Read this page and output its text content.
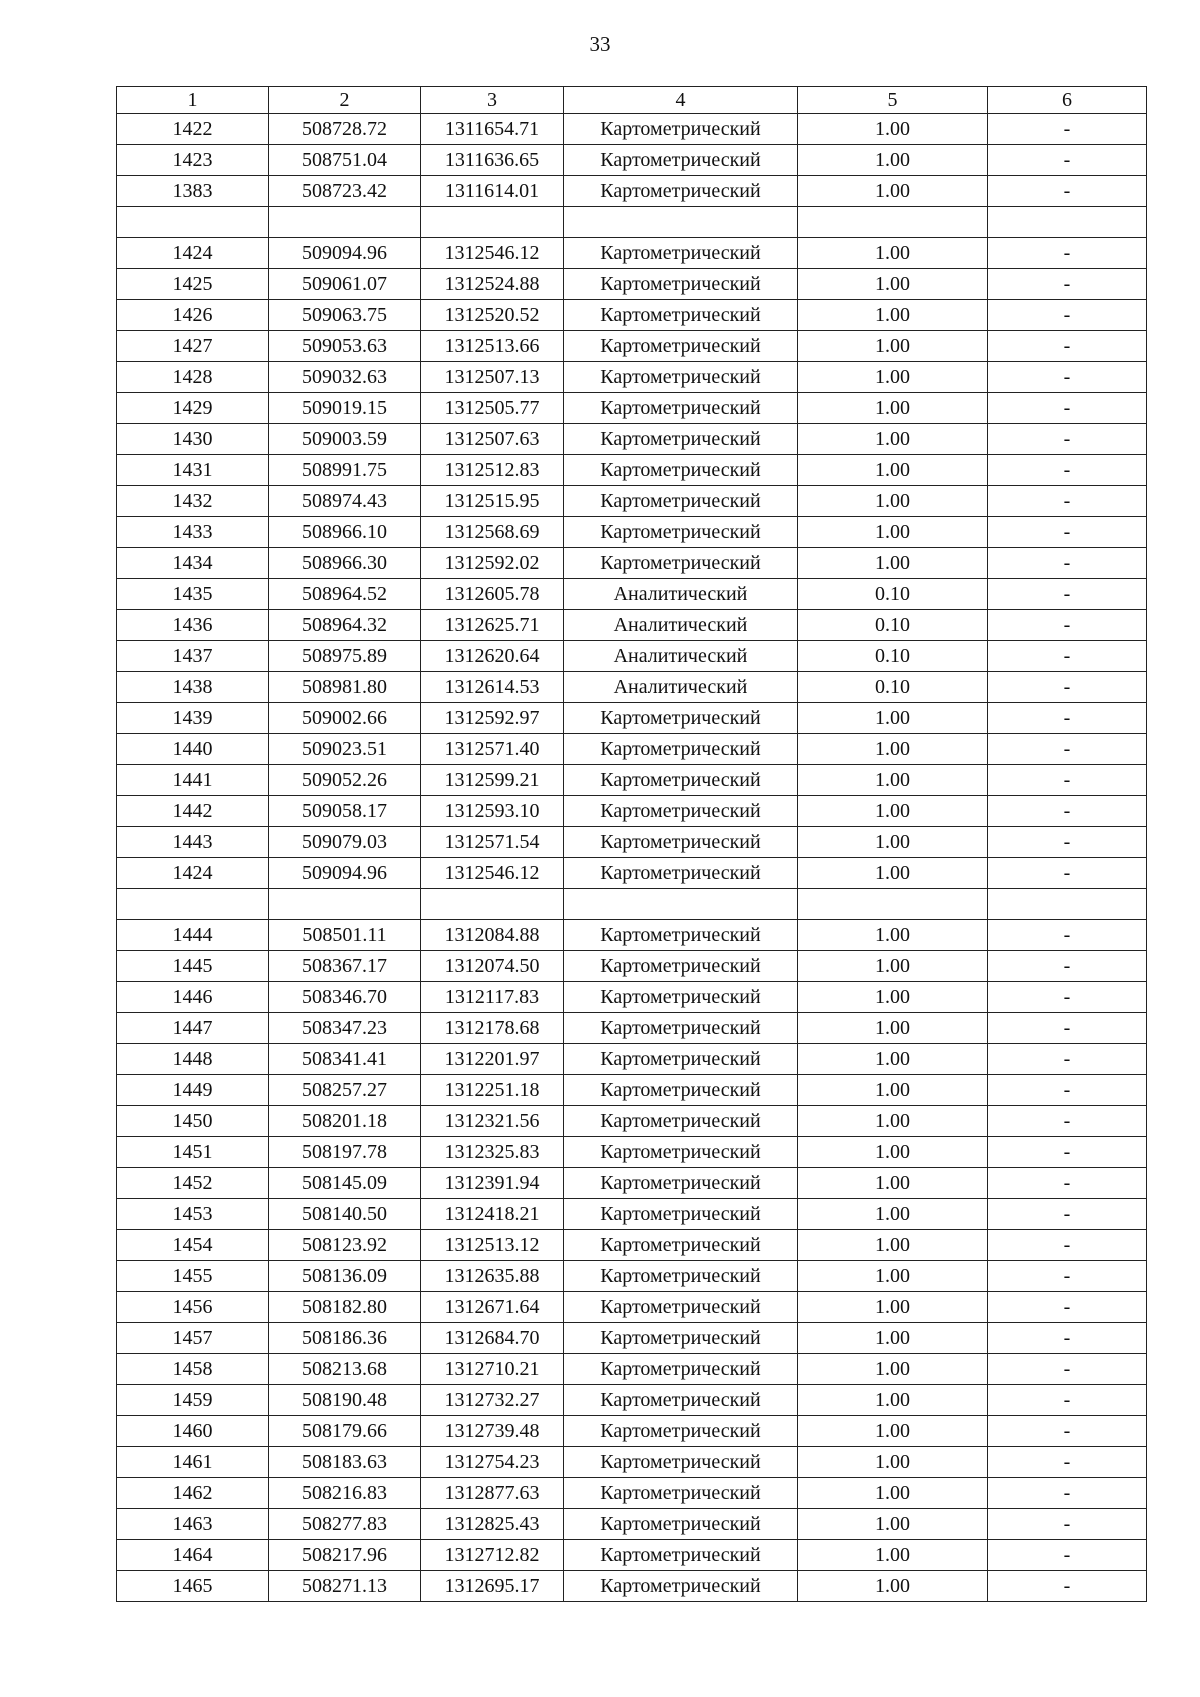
33
1	2	3	4	5	6
1422	508728.72	1311654.71	Картометрический	1.00	-
1423	508751.04	1311636.65	Картометрический	1.00	-
1383	508723.42	1311614.01	Картометрический	1.00	-

1424	509094.96	1312546.12	Картометрический	1.00	-
1425	509061.07	1312524.88	Картометрический	1.00	-
1426	509063.75	1312520.52	Картометрический	1.00	-
1427	509053.63	1312513.66	Картометрический	1.00	-
1428	509032.63	1312507.13	Картометрический	1.00	-
1429	509019.15	1312505.77	Картометрический	1.00	-
1430	509003.59	1312507.63	Картометрический	1.00	-
1431	508991.75	1312512.83	Картометрический	1.00	-
1432	508974.43	1312515.95	Картометрический	1.00	-
1433	508966.10	1312568.69	Картометрический	1.00	-
1434	508966.30	1312592.02	Картометрический	1.00	-
1435	508964.52	1312605.78	Аналитический	0.10	-
1436	508964.32	1312625.71	Аналитический	0.10	-
1437	508975.89	1312620.64	Аналитический	0.10	-
1438	508981.80	1312614.53	Аналитический	0.10	-
1439	509002.66	1312592.97	Картометрический	1.00	-
1440	509023.51	1312571.40	Картометрический	1.00	-
1441	509052.26	1312599.21	Картометрический	1.00	-
1442	509058.17	1312593.10	Картометрический	1.00	-
1443	509079.03	1312571.54	Картометрический	1.00	-
1424	509094.96	1312546.12	Картометрический	1.00	-

1444	508501.11	1312084.88	Картометрический	1.00	-
1445	508367.17	1312074.50	Картометрический	1.00	-
1446	508346.70	1312117.83	Картометрический	1.00	-
1447	508347.23	1312178.68	Картометрический	1.00	-
1448	508341.41	1312201.97	Картометрический	1.00	-
1449	508257.27	1312251.18	Картометрический	1.00	-
1450	508201.18	1312321.56	Картометрический	1.00	-
1451	508197.78	1312325.83	Картометрический	1.00	-
1452	508145.09	1312391.94	Картометрический	1.00	-
1453	508140.50	1312418.21	Картометрический	1.00	-
1454	508123.92	1312513.12	Картометрический	1.00	-
1455	508136.09	1312635.88	Картометрический	1.00	-
1456	508182.80	1312671.64	Картометрический	1.00	-
1457	508186.36	1312684.70	Картометрический	1.00	-
1458	508213.68	1312710.21	Картометрический	1.00	-
1459	508190.48	1312732.27	Картометрический	1.00	-
1460	508179.66	1312739.48	Картометрический	1.00	-
1461	508183.63	1312754.23	Картометрический	1.00	-
1462	508216.83	1312877.63	Картометрический	1.00	-
1463	508277.83	1312825.43	Картометрический	1.00	-
1464	508217.96	1312712.82	Картометрический	1.00	-
1465	508271.13	1312695.17	Картометрический	1.00	-
